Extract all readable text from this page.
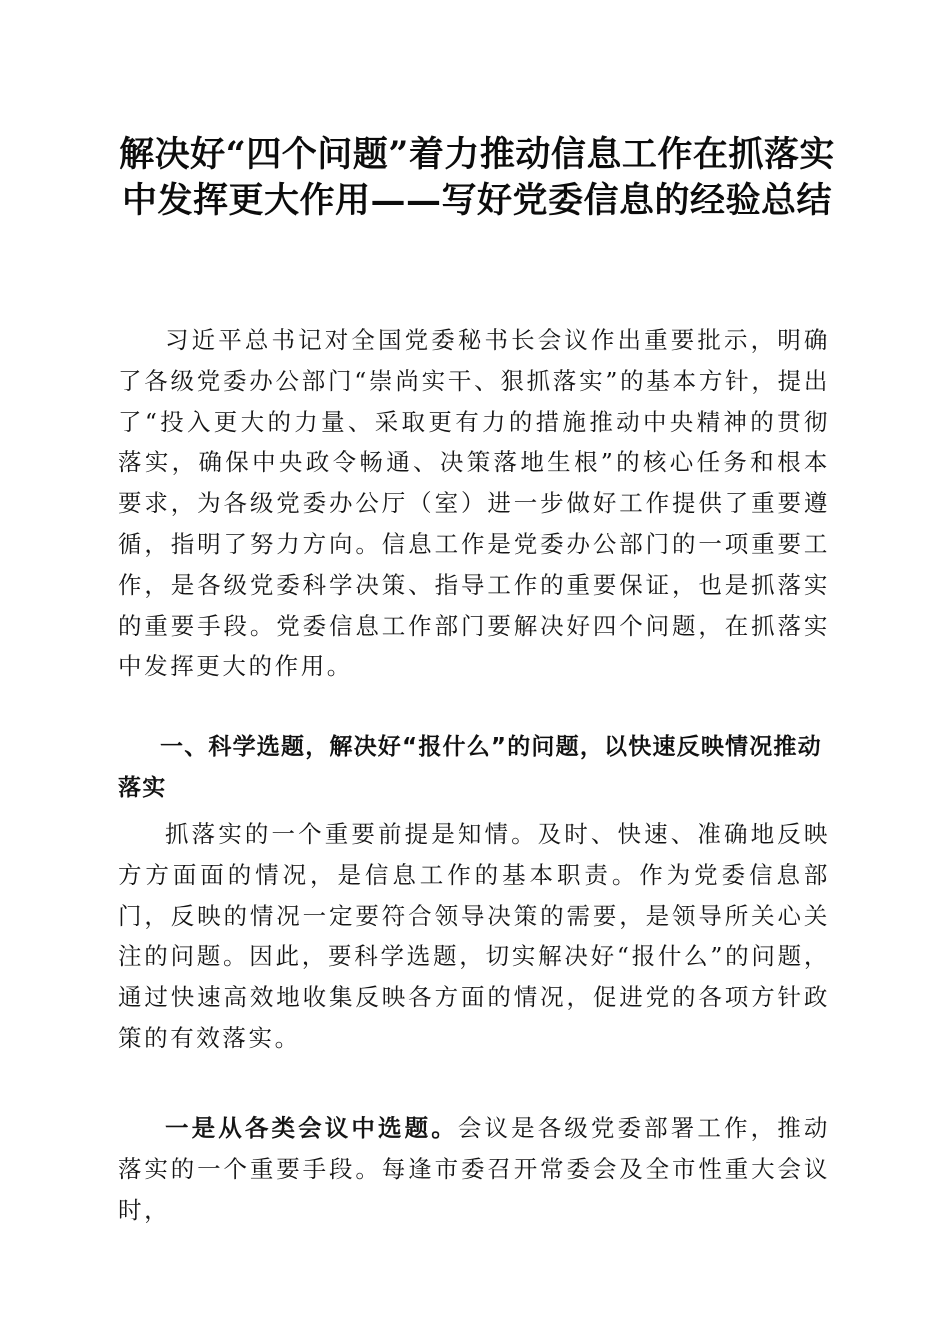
解决好“四个问题”着力推动信息工作在抓落实中发挥更大作用——写好党委信息的经验总结

习近平总书记对全国党委秘书长会议作出重要批示，明确了各级党委办公部门“崇尚实干、狠抓落实”的基本方针，提出了“投入更大的力量、采取更有力的措施推动中央精神的贯彻落实，确保中央政令畅通、决策落地生根”的核心任务和根本要求，为各级党委办公厅（室）进一步做好工作提供了重要遵循，指明了努力方向。信息工作是党委办公部门的一项重要工作，是各级党委科学决策、指导工作的重要保证，也是抓落实的重要手段。党委信息工作部门要解决好四个问题，在抓落实中发挥更大的作用。

一、科学选题，解决好“报什么”的问题，以快速反映情况推动落实

抓落实的一个重要前提是知情。及时、快速、准确地反映方方面面的情况，是信息工作的基本职责。作为党委信息部门，反映的情况一定要符合领导决策的需要，是领导所关心关注的问题。因此，要科学选题，切实解决好“报什么”的问题，通过快速高效地收集反映各方面的情况，促进党的各项方针政策的有效落实。

一是从各类会议中选题。会议是各级党委部署工作，推动落实的一个重要手段。每逢市委召开常委会及全市性重大会议时，
